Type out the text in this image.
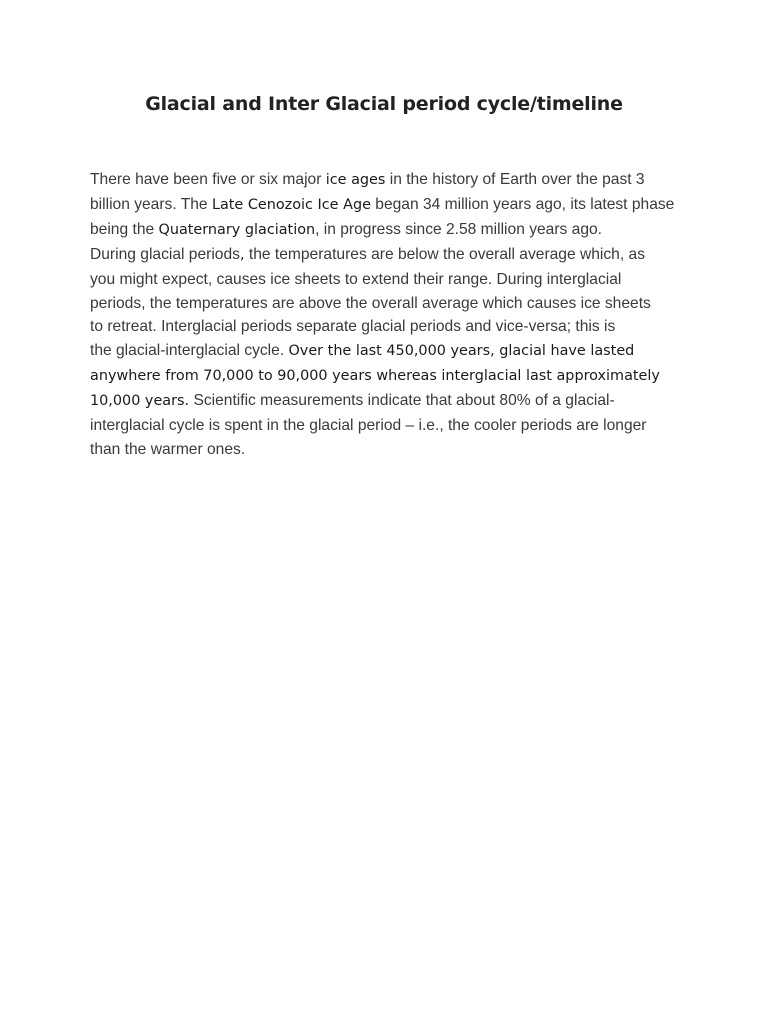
Glacial and Inter Glacial period cycle/timeline

There have been five or six major ice ages in the history of Earth over the past 3
billion years. The Late Cenozoic Ice Age began 34 million years ago, its latest phase
being the Quaternary glaciation, in progress since 2.58 million years ago.
During glacial periods, the temperatures are below the overall average which, as
you might expect, causes ice sheets to extend their range. During interglacial
periods, the temperatures are above the overall average which causes ice sheets
to retreat. Interglacial periods separate glacial periods and vice-versa; this is
the glacial-interglacial cycle. Over the last 450,000 years, glacial have lasted
anywhere from 70,000 to 90,000 years whereas interglacial last approximately
10,000 years. Scientific measurements indicate that about 80% of a glacial-
interglacial cycle is spent in the glacial period – i.e., the cooler periods are longer
than the warmer ones.
